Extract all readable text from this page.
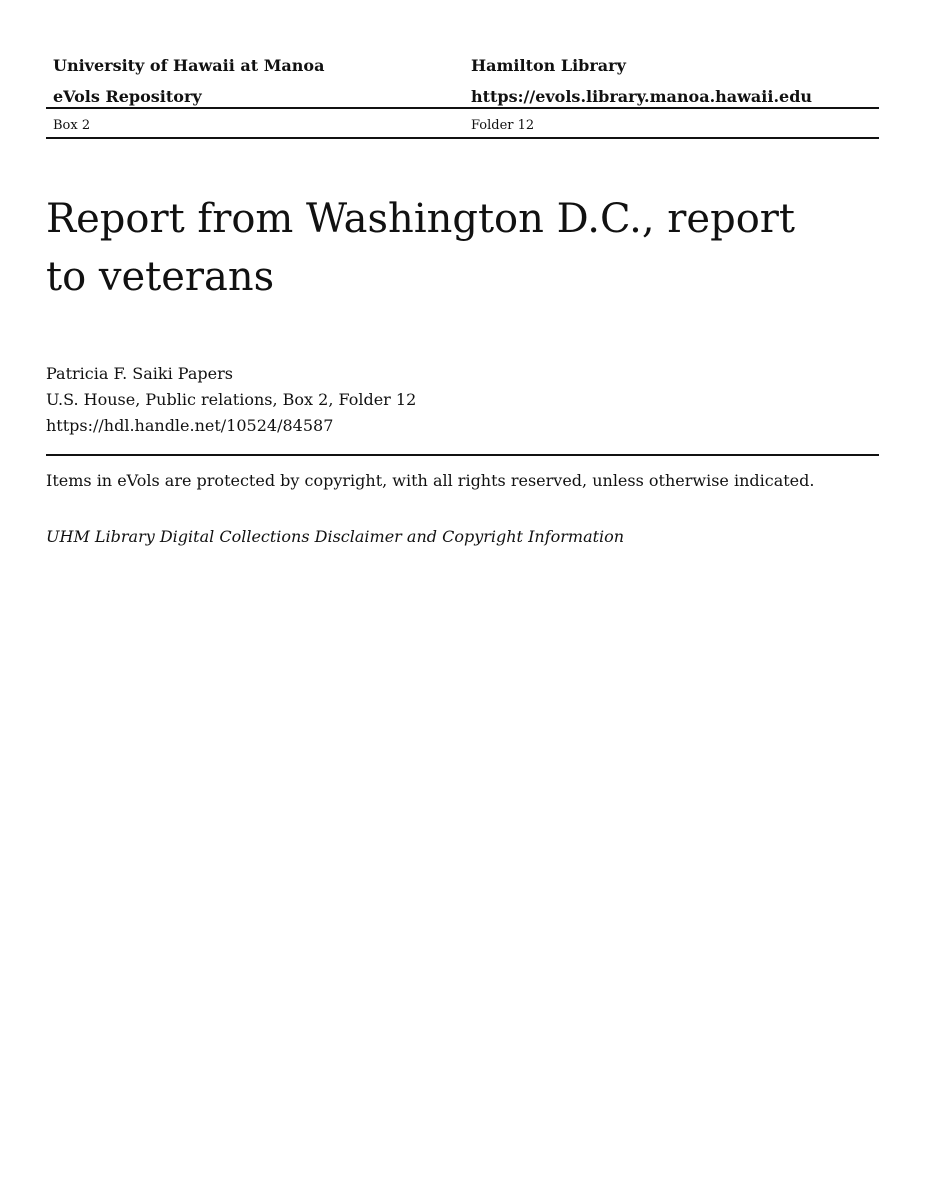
University of Hawaii at Manoa	Hamilton Library
eVols Repository	https://evols.library.manoa.hawaii.edu
Box 2	Folder 12
Report from Washington D.C., report to veterans
Patricia F. Saiki Papers
U.S. House, Public relations, Box 2, Folder 12
https://hdl.handle.net/10524/84587
Items in eVols are protected by copyright, with all rights reserved, unless otherwise indicated.
UHM Library Digital Collections Disclaimer and Copyright Information
